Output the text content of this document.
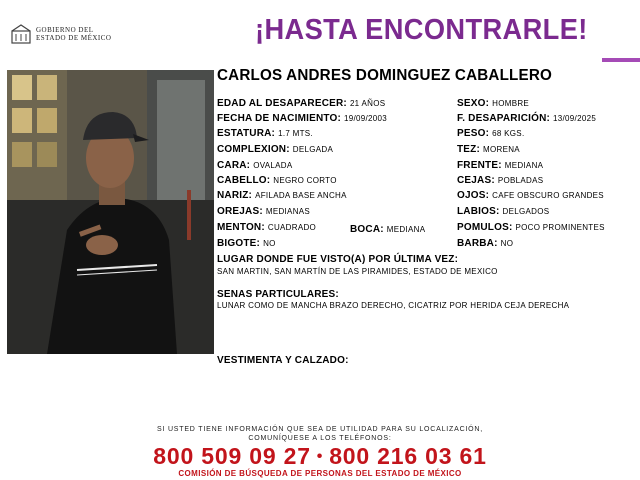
GOBIERNO DEL
ESTADO DE MÉXICO	¡HASTA ENCONTRARLE!
CARLOS ANDRES DOMINGUEZ CABALLERO
EDAD AL DESAPARECER: 21 AÑOS
FECHA DE NACIMIENTO: 19/09/2003
ESTATURA: 1.7 MTS.
COMPLEXION: DELGADA
CARA: OVALADA
CABELLO: NEGRO CORTO
NARIZ: AFILADA BASE ANCHA
OREJAS: MEDIANAS
MENTON: CUADRADO	BOCA: MEDIANA
BIGOTE: NO
SEXO: HOMBRE
F. DESAPARICIÓN: 13/09/2025
PESO: 68 KGS.
TEZ: MORENA
FRENTE: MEDIANA
CEJAS: POBLADAS
OJOS: CAFE OBSCURO GRANDES
LABIOS: DELGADOS
POMULOS: POCO PROMINENTES
BARBA: NO
LUGAR DONDE FUE VISTO(A) POR ÚLTIMA VEZ:
SAN MARTIN, SAN MARTÍN DE LAS PIRAMIDES, ESTADO DE MEXICO
SENAS PARTICULARES:
LUNAR COMO DE MANCHA BRAZO DERECHO, CICATRIZ POR HERIDA CEJA DERECHA
VESTIMENTA Y CALZADO:
SI USTED TIENE INFORMACIÓN QUE SEA DE UTILIDAD PARA SU LOCALIZACIÓN,
COMUNÍQUESE A LOS TELÉFONOS:
800 509 09 27 • 800 216 03 61
COMISIÓN DE BÚSQUEDA DE PERSONAS DEL ESTADO DE MÉXICO
